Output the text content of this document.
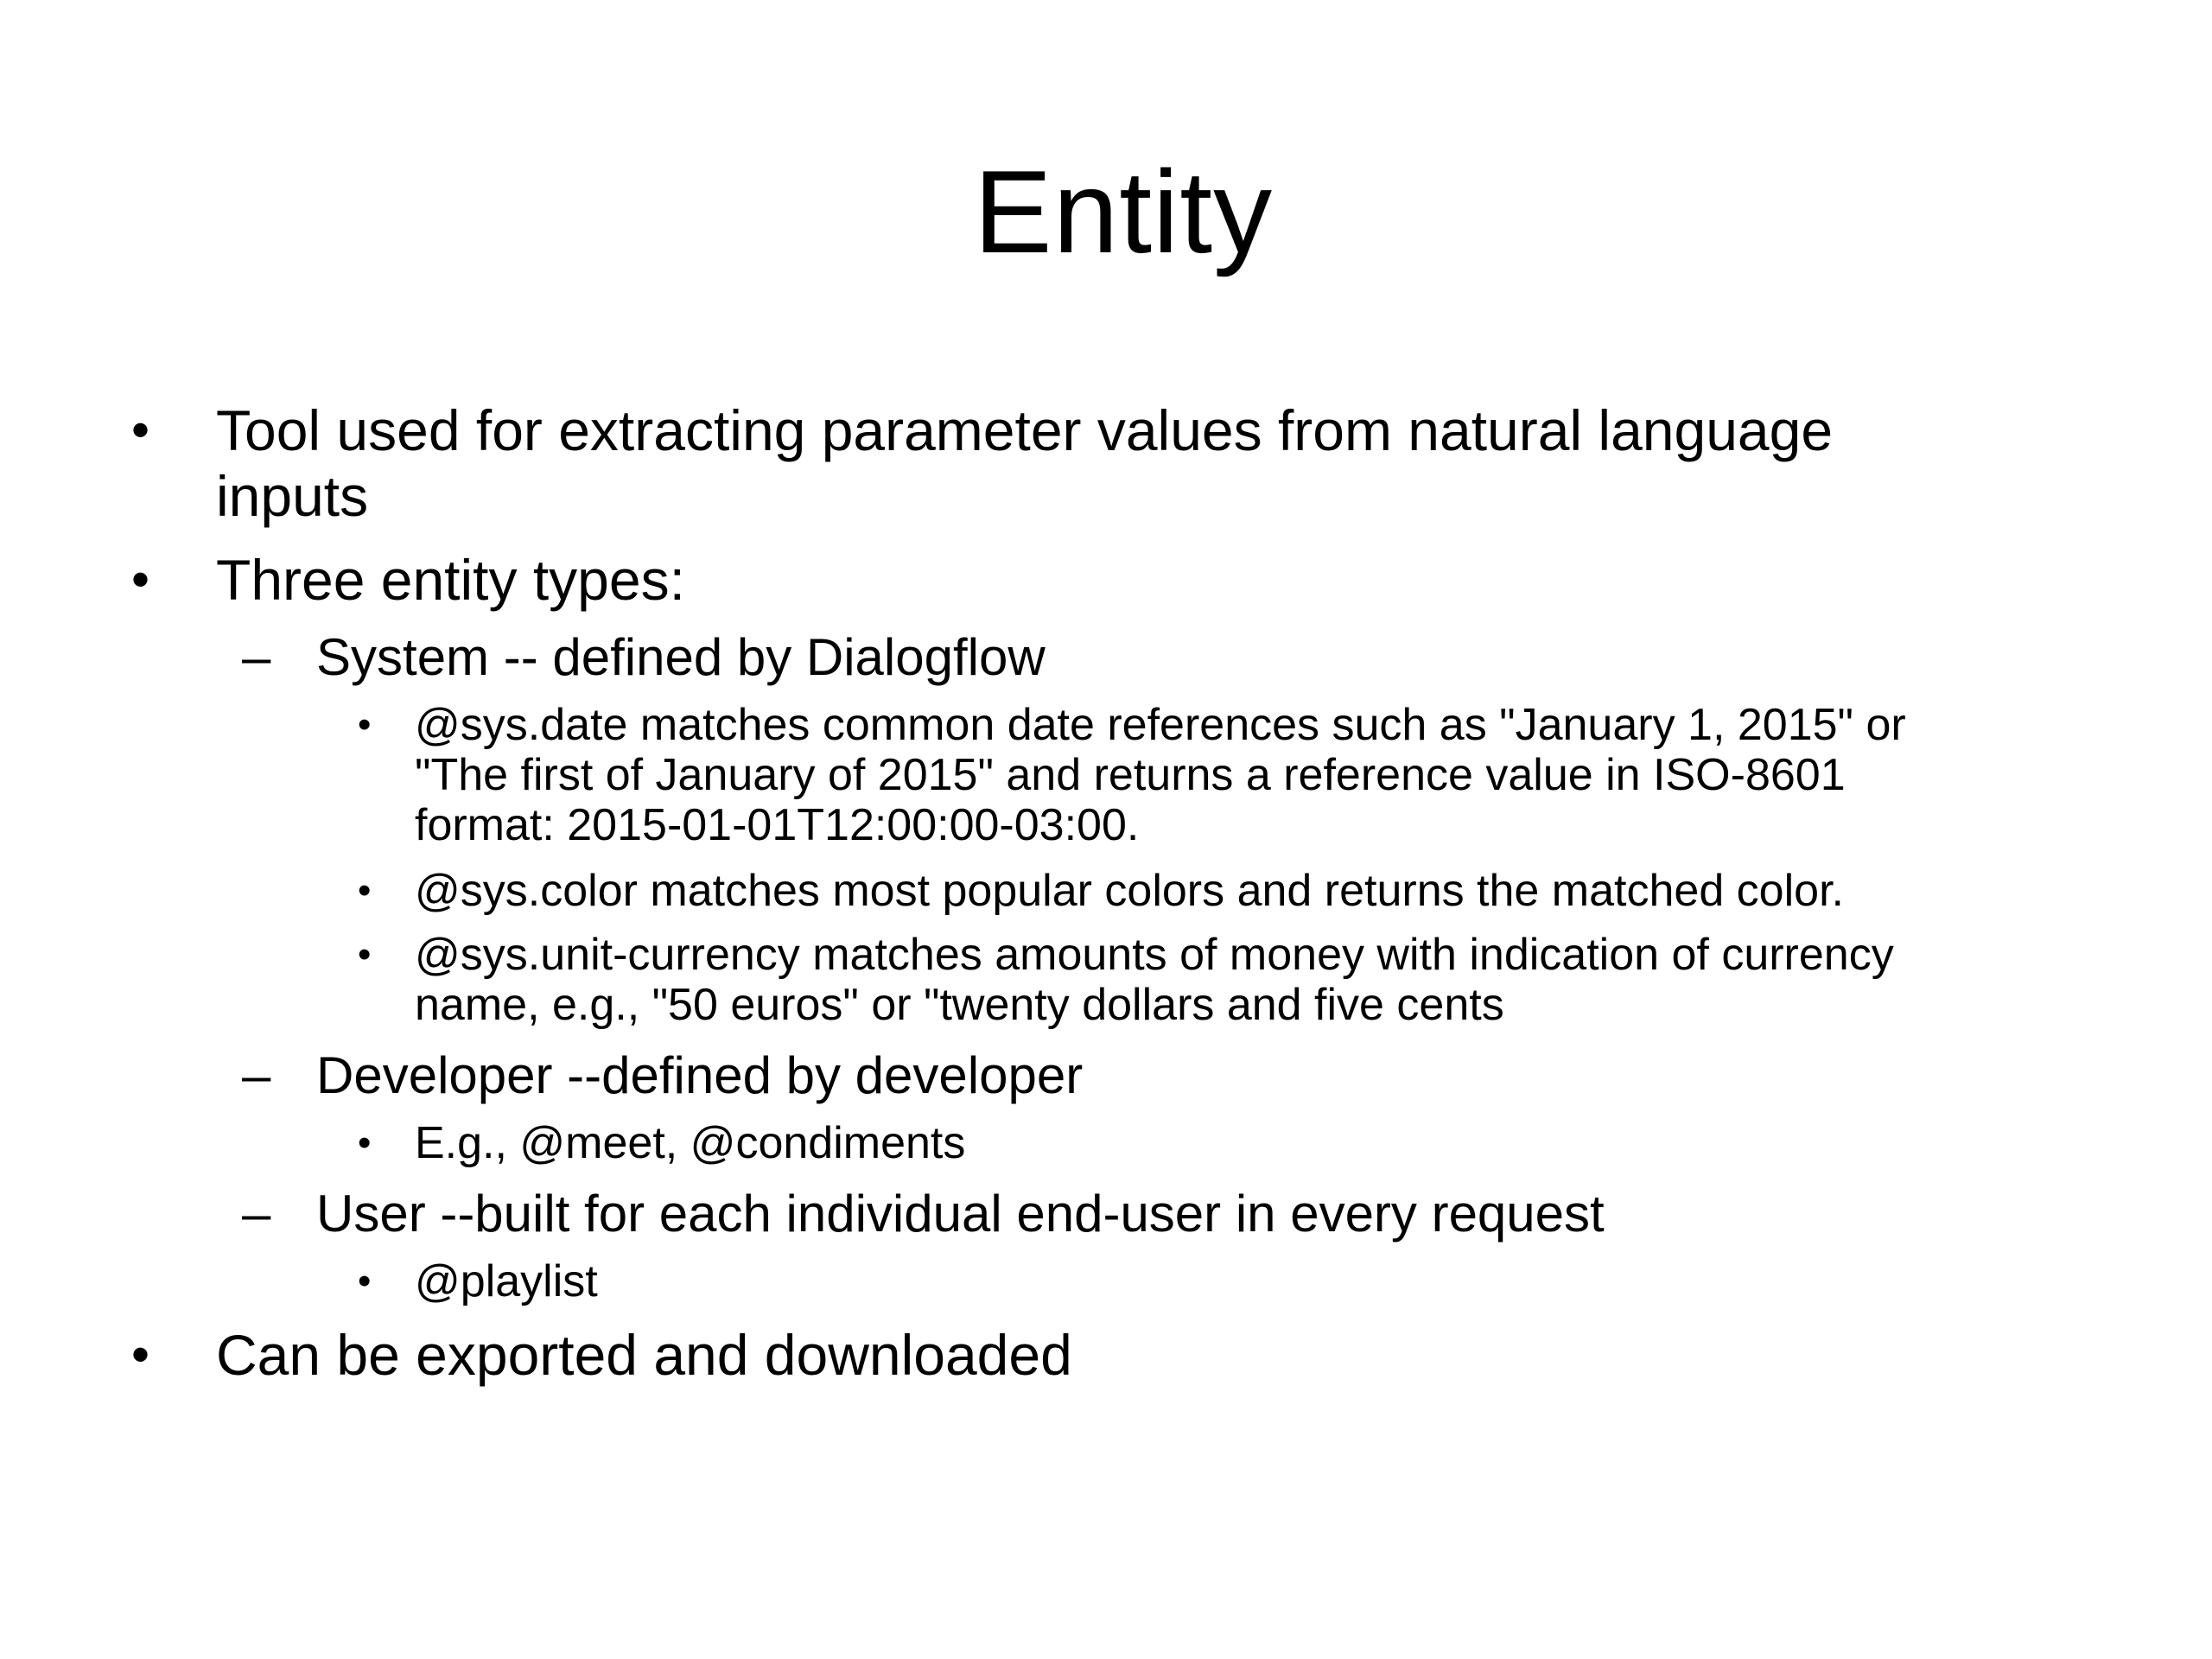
Entity
• Tool used for extracting parameter values from natural language
inputs
• Three entity types:
– System -- defined by Dialogflow
• @sys.date matches common date references such as "January 1, 2015" or
"The first of January of 2015" and returns a reference value in ISO-8601
format: 2015-01-01T12:00:00-03:00.
• @sys.color matches most popular colors and returns the matched color.
• @sys.unit-currency matches amounts of money with indication of currency
name, e.g., "50 euros" or "twenty dollars and five cents
– Developer --defined by developer
• E.g., @meet, @condiments
– User --built for each individual end-user in every request
• @playlist
• Can be exported and downloaded
